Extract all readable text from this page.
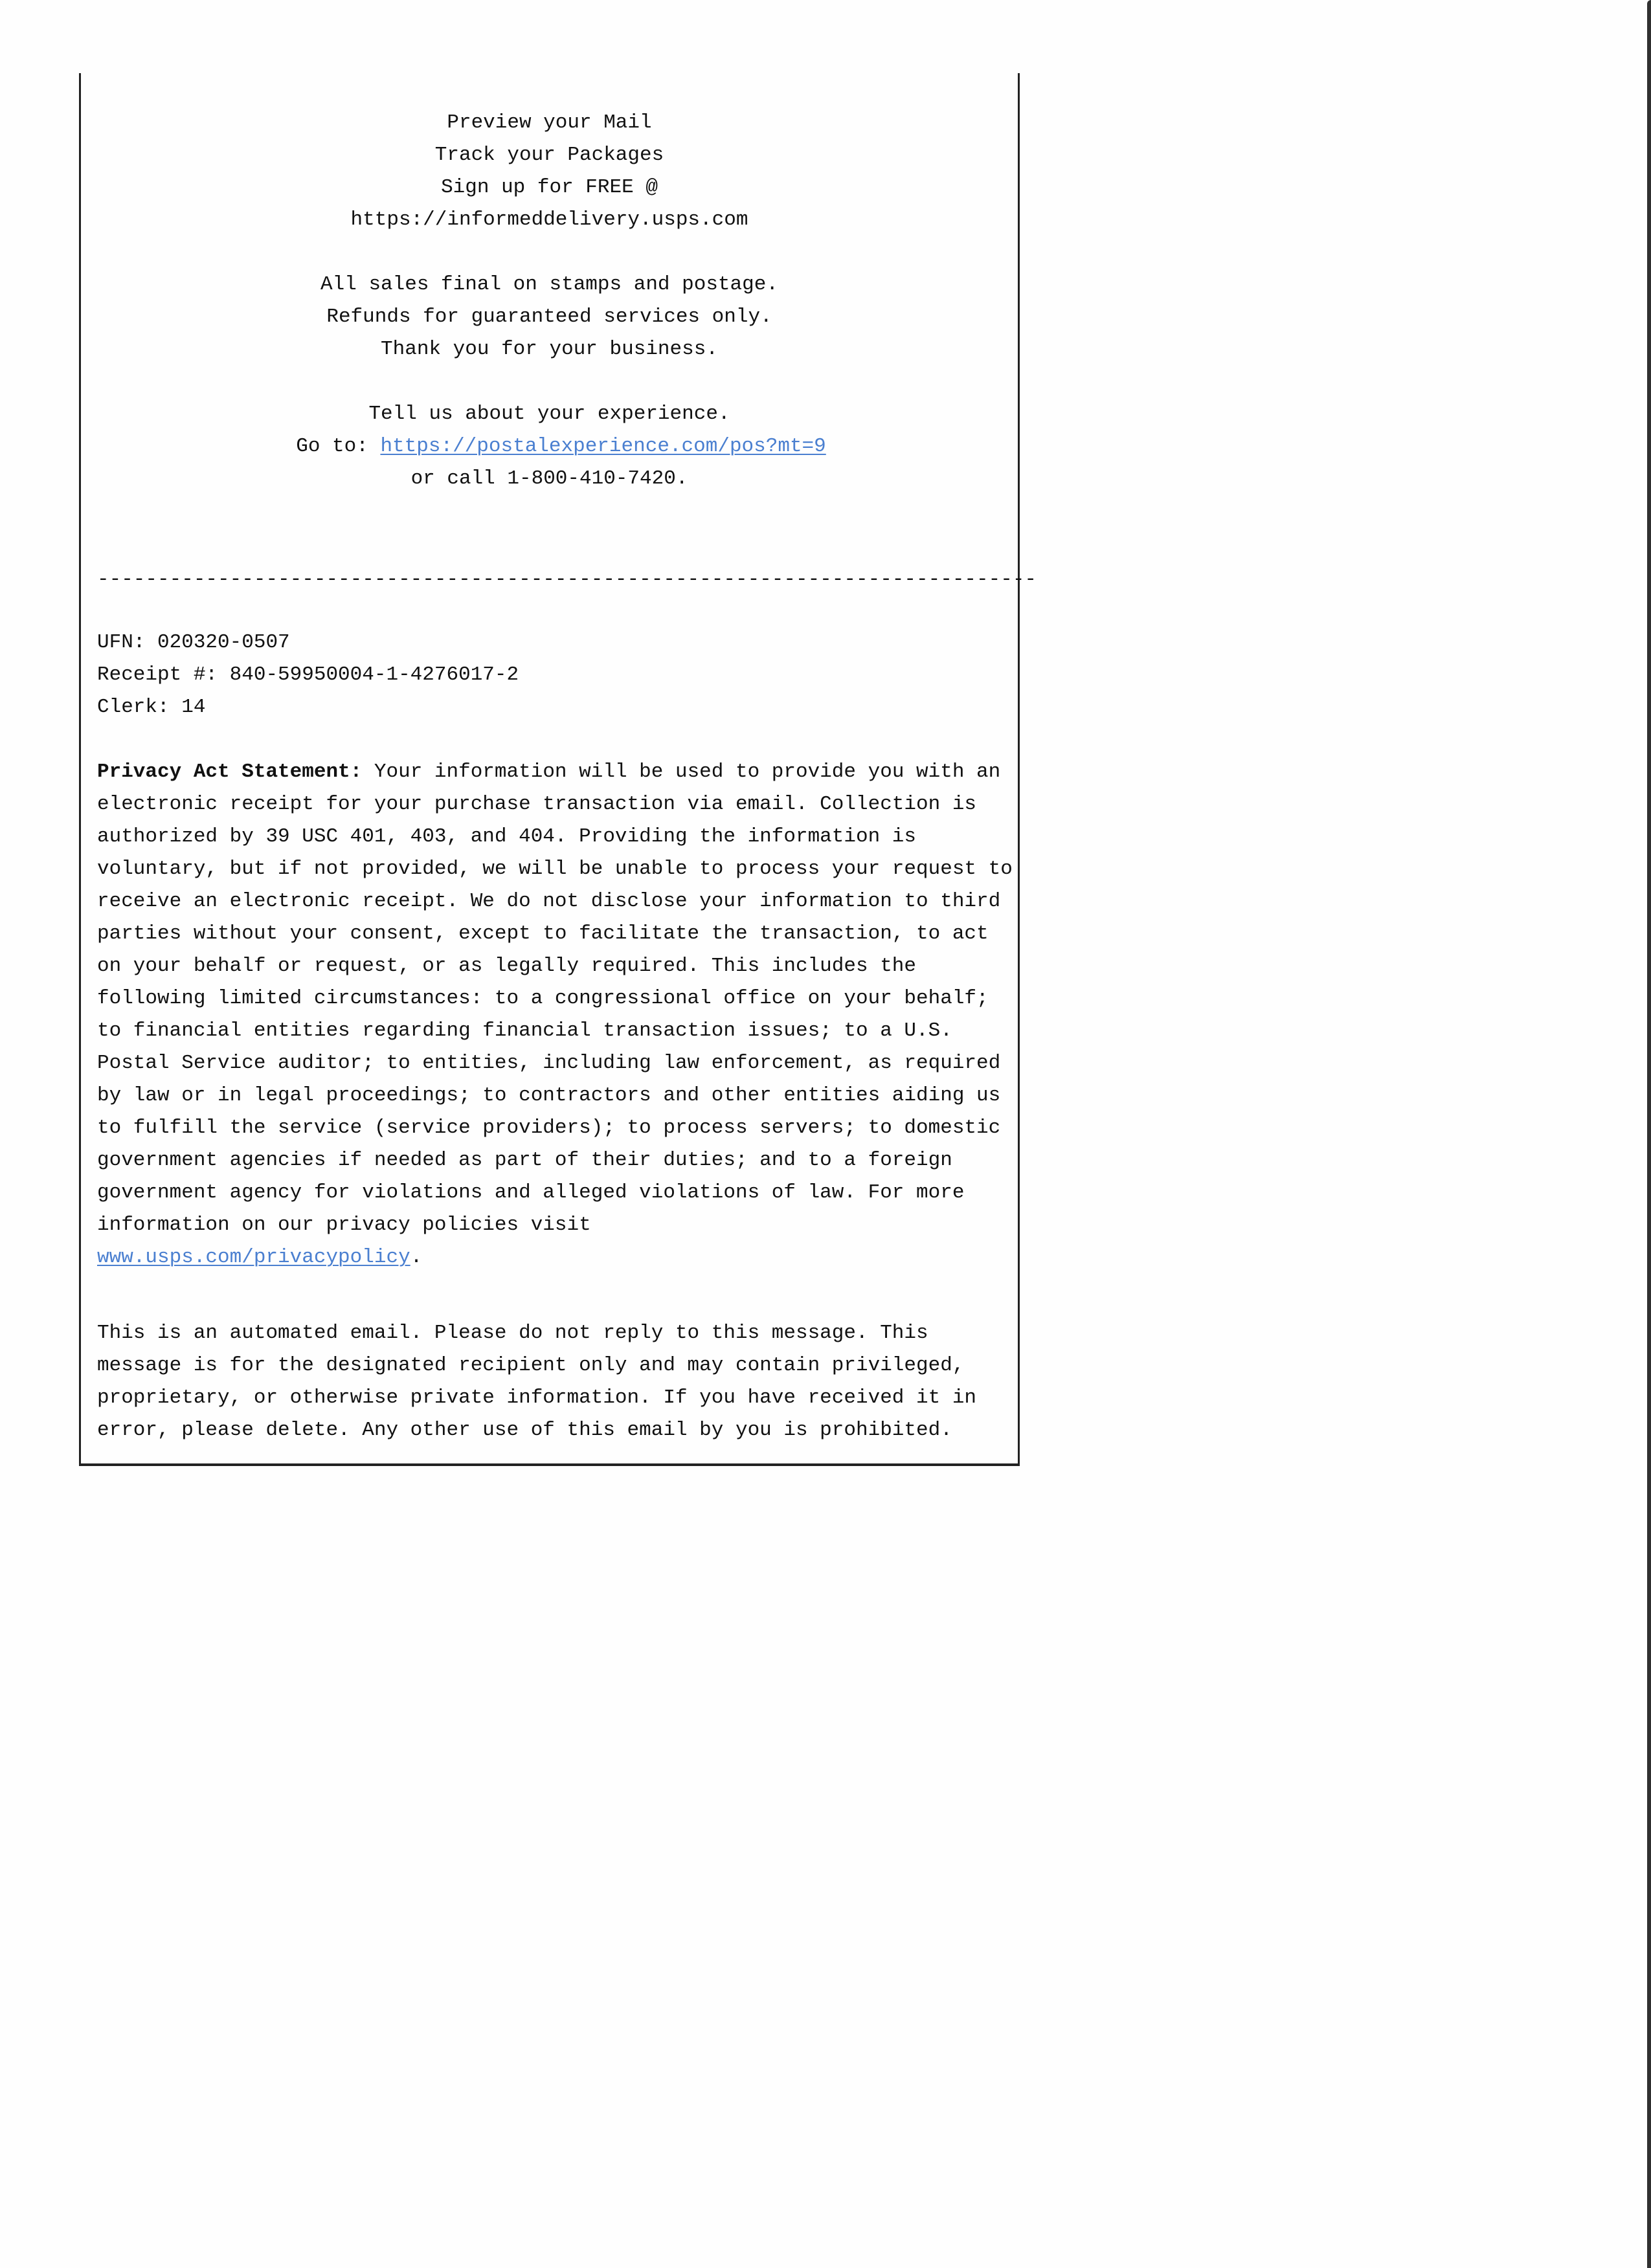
Preview your Mail
Track your Packages
Sign up for FREE @
https://informeddelivery.usps.com
All sales final on stamps and postage.
Refunds for guaranteed services only.
Thank you for your business.
Tell us about your experience.
Go to: https://postalexperience.com/pos?mt=9
or call 1-800-410-7420.
------------------------------------------------------------------------------
UFN: 020320-0507
Receipt #: 840-59950004-1-4276017-2
Clerk: 14
Privacy Act Statement: Your information will be used to provide you with an
electronic receipt for your purchase transaction via email. Collection is
authorized by 39 USC 401, 403, and 404. Providing the information is
voluntary, but if not provided, we will be unable to process your request to
receive an electronic receipt. We do not disclose your information to third
parties without your consent, except to facilitate the transaction, to act
on your behalf or request, or as legally required. This includes the
following limited circumstances: to a congressional office on your behalf;
to financial entities regarding financial transaction issues; to a U.S.
Postal Service auditor; to entities, including law enforcement, as required
by law or in legal proceedings; to contractors and other entities aiding us
to fulfill the service (service providers); to process servers; to domestic
government agencies if needed as part of their duties; and to a foreign
government agency for violations and alleged violations of law. For more
information on our privacy policies visit
www.usps.com/privacypolicy.
This is an automated email. Please do not reply to this message. This
message is for the designated recipient only and may contain privileged,
proprietary, or otherwise private information. If you have received it in
error, please delete. Any other use of this email by you is prohibited.
